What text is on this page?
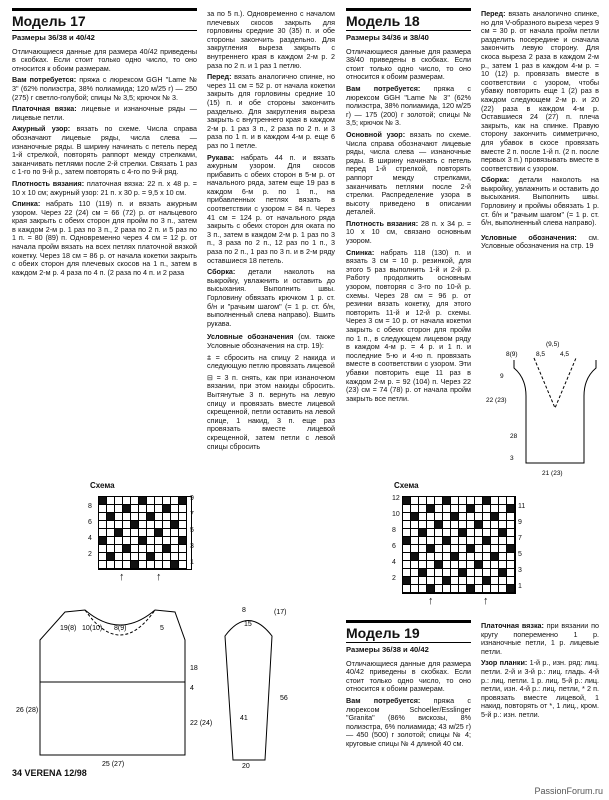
Модель 17
Размеры 36/38 и 40/42

Отличающиеся данные для размера 40/42 приведены в скобках. Если стоит только одно число, то оно относится к обоим размерам.

Вам потребуется: пряжа с люрексом GGH "Lame № 3" (62% полиэстра, 38% полиамида; 120 м/25 г) — 250 (275) г светло-голубой; спицы № 3,5; крючок № 3.

Платочная вязка: лицевые и изнаночные ряды — лицевые петли.

Ажурный узор: вязать по схеме. Числа справа обозначают лицевые ряды, числа слева — изнаночные ряды. В ширину начинать с петель перед 1-й стрелкой, повторять раппорт между стрелками, заканчивать петлями после 2-й стрелки. Связать 1 раз с 1-го по 9-й р., затем повторять с 4-го по 9-й ряд.

Плотность вязания: платочная вязка: 22 п. х 48 р. = 10 х 10 см; ажурный узор: 21 п. х 30 р. = 9,5 х 10 см.

Спинка: набрать 110 (119) п. и вязать ажурным узором. Через 22 (24) см = 66 (72) р. от нальцевого края закрыть с обеих сторон для пройм по 3 п., затем в каждом 2-м р. 1 раз по 3 п., 2 раза по 2 п. и 5 раз по 1 п. = 80 (89) п. Одновременно через 4 см = 12 р. от начала пройм вязать на всех петлях платочной вязкой кокетку. Через 18 см = 86 р. от начала кокетки закрыть с обеих сторон для плечевых скосов на 1 п., затем в каждом 2-м р. 4 раза по 4 п. (2 раза по 4 п. и 2 раза

за по 5 п.). Одновременно с началом плечевых скосов закрыть для горловины средние 30 (35) п. и обе стороны закончить раздельно. Для закругления выреза закрыть с внутреннего края в каждом 2-м р. 2 раза по 2 п. и 1 раз 1 петлю.

Перед: вязать аналогично спинке, но через 11 см = 52 р. от начала кокетки закрыть для горловины средние 10 (15) п. и обе стороны закончить раздельно. Для закругления выреза закрыть с внутреннего края в каждом 2-м р. 1 раз 3 п., 2 раза по 2 п. и 3 раза по 1 п. и в каждом 4-м р. еще 6 раз по 1 петле.

Рукава: набрать 44 п. и вязать ажурным узором. Для скосов прибавить с обеих сторон в 5-м р. от начального ряда, затем еще 19 раз в каждом 6-м р. по 1 п., на прибавленных петлях вязать в соответствии с узором = 84 п. Через 41 см = 124 р. от начального ряда закрыть с обеих сторон для оката по 3 п., затем в каждом 2-м р. 1 раз по 3 п., 3 раза по 2 п., 12 раз по 1 п., 3 раза по 2 п., 1 раз по 3 п. и в 2-м ряду оставшиеся 18 петель.

Сборка: детали наколоть на выкройку, увлажнить и оставить до высыхания. Выполнить швы. Горловину обвязать крючком 1 р. ст. б/н и "рачьим шагом" (= 1 р. ст. б/н, выполненный слева направо). Вшить рукава.

Условные обозначения (см. также Условные обозначения на стр. 19):

⩲ = сбросить на спицу 2 накида и следующую петлю провязать лицевой

⊟ = 3 п. снять, как при изнаночном вязании, при этом накиды сбросить. Вытянутые 3 п. вернуть на левую спицу и провязать вместе лицевой скрещенной, петли оставить на левой спице, 1 накид, 3 п. еще раз провязать вместе лицевой скрещенной, затем петли с левой спицы сбросить

Схема
9
8
7
6
5
4
3
2
1
↑	↑
19(8) 10(10) 8(9)	5
18
4
22 (24)
26 (28)
25 (27)
8
15
56
41
20
(17)
Модель 18
Размеры 34/36 и 38/40

Отличающиеся данные для размера 38/40 приведены в скобках. Если стоит только одно число, то оно относится к обоим размерам.

Вам потребуется: пряжа с люрексом GGH "Lame № 3" (62% полиэстра, 38% полиамида, 120 м/25 г) — 175 (200) г золотой; спицы № 3,5; крючок № 3.

Основной узор: вязать по схеме. Числа справа обозначают лицевые ряды, числа слева — изнаночные ряды. В ширину начинать с петель перед 1-й стрелкой, повторять раппорт между стрелками, заканчивать петлями после 2-й стрелки. Распределение узора в высоту приведено в описании деталей.

Плотность вязания: 28 п. х 34 р. = 10 х 10 см, связано основным узором.

Спинка: набрать 118 (130) п. и вязать 3 см = 10 р. резинкой, для этого 5 раз выполнить 1-й и 2-й р. Работу продолжить основным узором, повторяя с 3-го по 10-й р. схемы. Через 28 см = 96 р. от резинки вязать кокетку, для этого повторить 11-й и 12-й р. схемы. Через 3 см = 10 р. от начала кокетки закрыть с обеих сторон для пройм по 1 п., в следующем лицевом ряду в каждом 4-м р. = 4 р. и 1 п. и последние 5-ю и 4-ю п. провязать вместе в соответствии с узором. Эти убавки повторить еще 11 раз в каждом 2-м р. = 92 (104) п. Через 22 (23) см = 74 (78) р. от начала пройм закрыть все петли.

Перед: вязать аналогично спинке, но для V-образного выреза через 9 см = 30 р. от начала пройм петли разделить посередине и сначала закончить левую сторону. Для скоса выреза 2 раза в каждом 2-м р., затем 1 раз в каждом 4-м р. = 10 (12) р. провязать вместе в соответствии с узором, чтобы убавку повторить еще 1 (2) раз в каждом следующем 2-м р. и 20 (22) раза в каждом 4-м р. Оставшиеся 24 (27) п. плеча закрыть, как на спинке. Правую сторону закончить симметрично, для убавок в скосе провязать вместе 2 п. после 1-й п. (2 п. после первых 3 п.) провязывать вместе в соответствии с узором.

Сборка: детали наколоть на выкройку, увлажнить и оставить до высыхания. Выполнить швы. Горловину и проймы обвязать 1 р. ст. б/н и "рачьим шагом" (= 1 р. ст. б/н, выполненный слева направо).

Условные обозначения: см. Условные обозначения на стр. 19

(9,5)
8(9)	8,5 4,5
9
22 (23)
28
3
21 (23)
Схема
12
11
10
9
8
7
6
5
4
3
2
1
↑	↑
Модель 19
Размеры 36/38 и 40/42

Отличающиеся данные для размера 40/42 приведены в скобках. Если стоит только одно число, то оно относится к обоим размерам.

Вам потребуется: пряжа с люрексом Schoeller/Esslinger "Granita" (86% вискозы, 8% полиэстра, 6% полиамида; 43 м/25 г) — 450 (500) г золотой; спицы № 4; круговые спицы № 4 длиной 40 см.

Платочная вязка: при вязании по кругу попеременно 1 р. изнаночные петли, 1 р. лицевые петли.

Узор планки: 1-й р., изн. ряд: лиц. петли. 2-й и 3-й р.: лиц. гладь. 4-й р.: лиц. петли. 1 р. лиц. 5-й р.: лиц. петли, изн. 4-й р.: лиц. петли, * 2 п. провязать вместе лицевой, 1 накид, повторять от *, 1 лиц., кром. 5-й р.: изн. петли.

34 VERENA 12/98
PassionForum.ru
